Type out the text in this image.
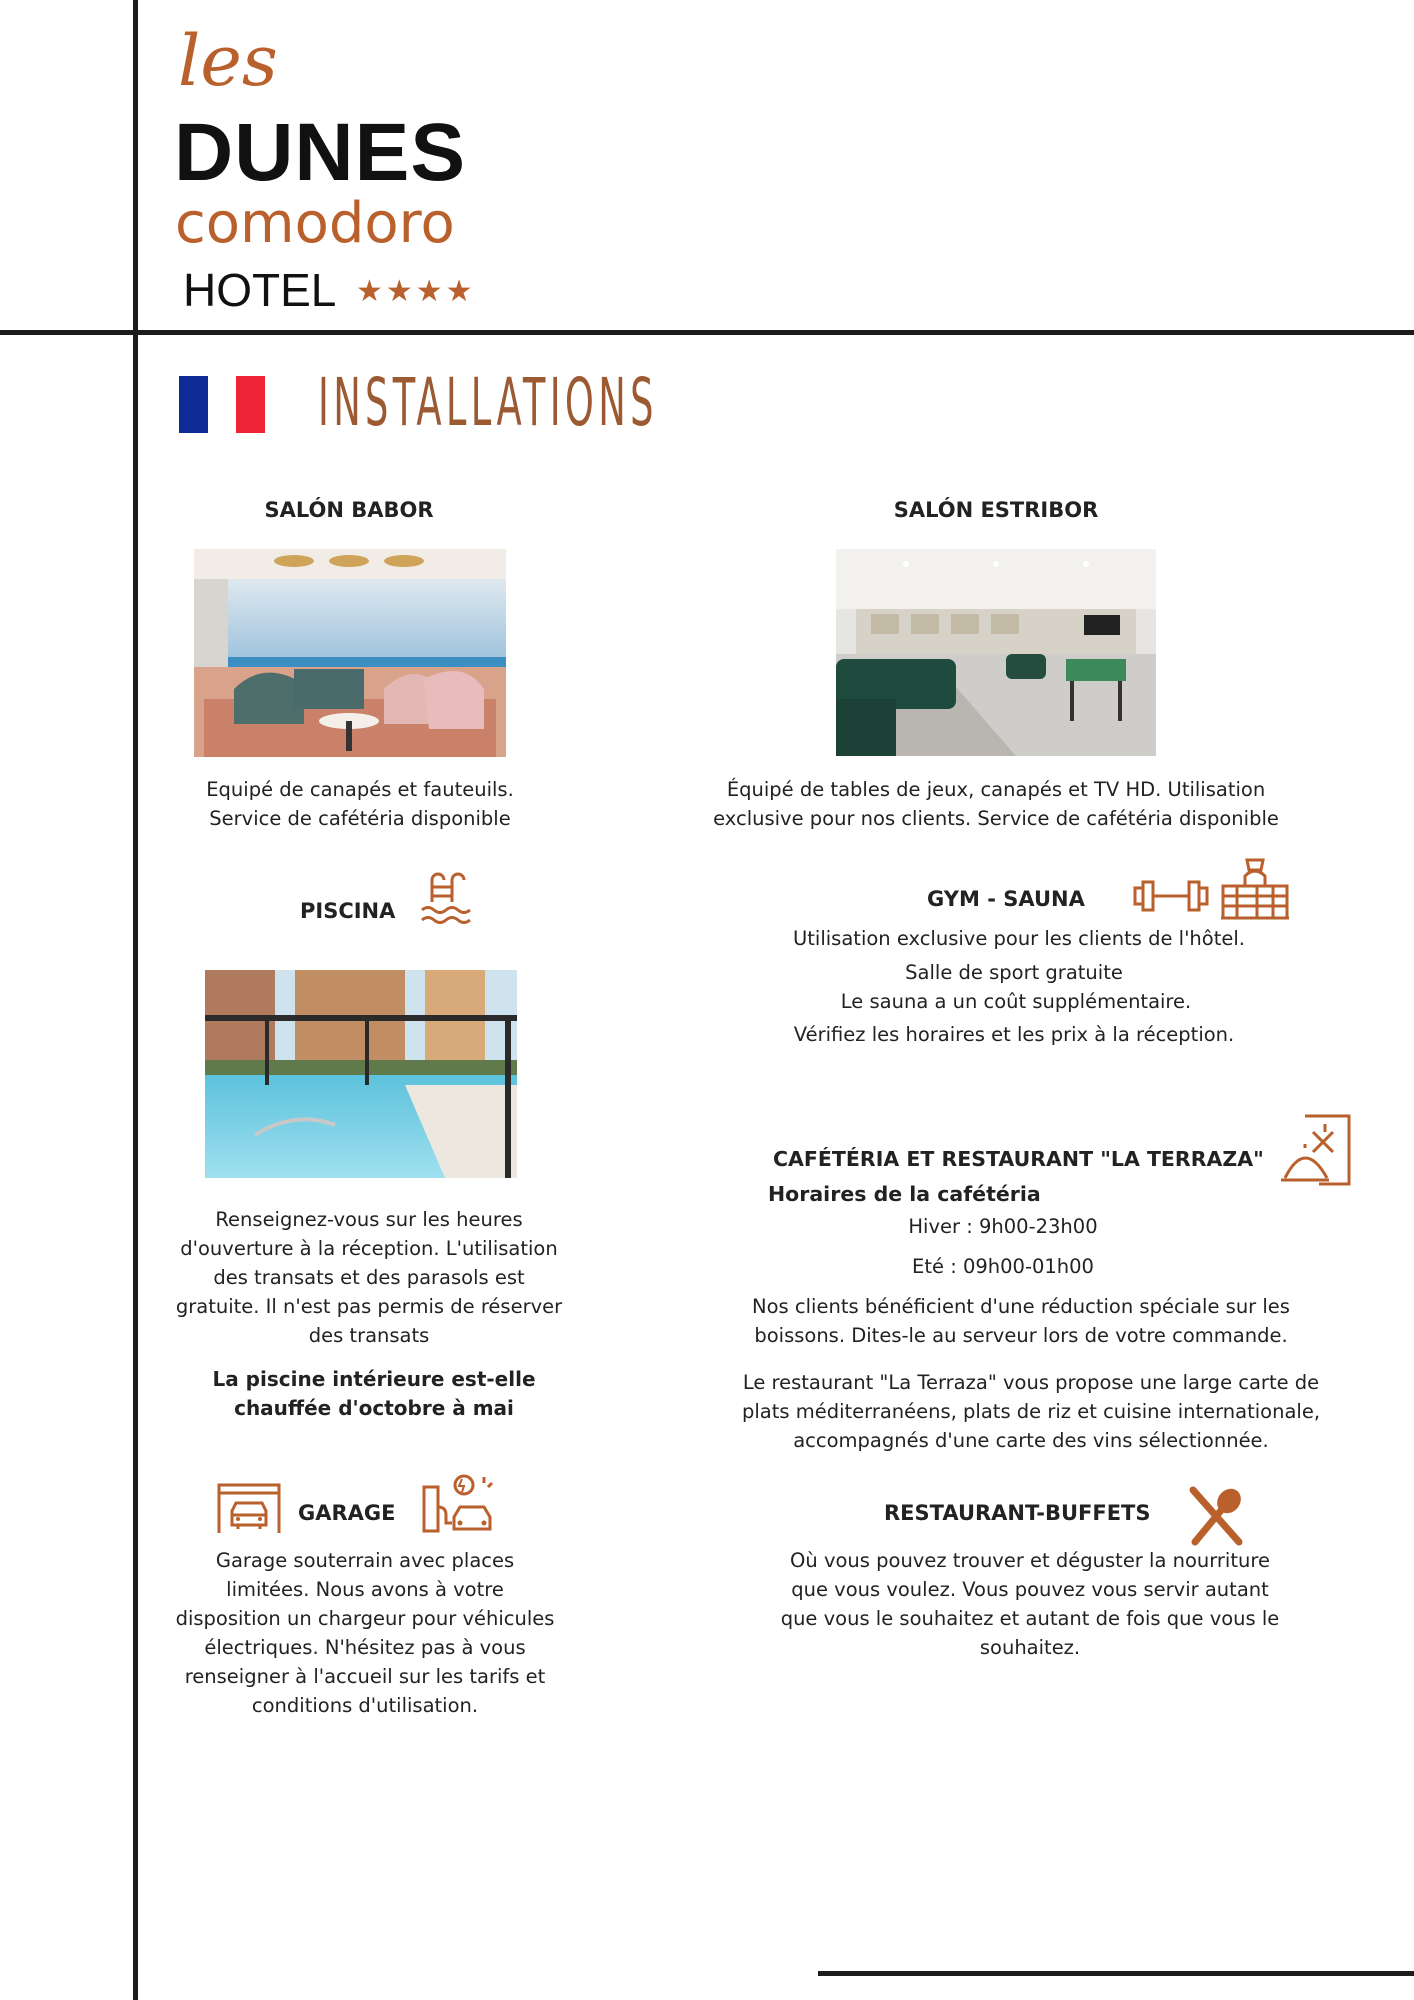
les
DUNES
comodoro
HOTEL ★★★★
INSTALLATIONS
SALÓN BABOR
Equipé de canapés et fauteuils.
Service de cafétéria disponible
SALÓN ESTRIBOR
Équipé de tables de jeux, canapés et TV HD. Utilisation
exclusive pour nos clients. Service de cafétéria disponible
PISCINA
Renseignez-vous sur les heures
d'ouverture à la réception. L'utilisation
des transats et des parasols est
gratuite. Il n'est pas permis de réserver
des transats
La piscine intérieure est-elle
chauffée d'octobre à mai
GYM - SAUNA
Utilisation exclusive pour les clients de l'hôtel.
Salle de sport gratuite
Le sauna a un coût supplémentaire.
Vérifiez les horaires et les prix à la réception.
CAFÉTÉRIA ET RESTAURANT "LA TERRAZA"
Horaires de la cafétéria
Hiver : 9h00-23h00
Eté : 09h00-01h00
Nos clients bénéficient d'une réduction spéciale sur les
boissons. Dites-le au serveur lors de votre commande.
Le restaurant "La Terraza" vous propose une large carte de
plats méditerranéens, plats de riz et cuisine internationale,
accompagnés d'une carte des vins sélectionnée.
GARAGE
Garage souterrain avec places
limitées. Nous avons à votre
disposition un chargeur pour véhicules
électriques. N'hésitez pas à vous
renseigner à l'accueil sur les tarifs et
conditions d'utilisation.
RESTAURANT-BUFFETS
Où vous pouvez trouver et déguster la nourriture
que vous voulez. Vous pouvez vous servir autant
que vous le souhaitez et autant de fois que vous le
souhaitez.
